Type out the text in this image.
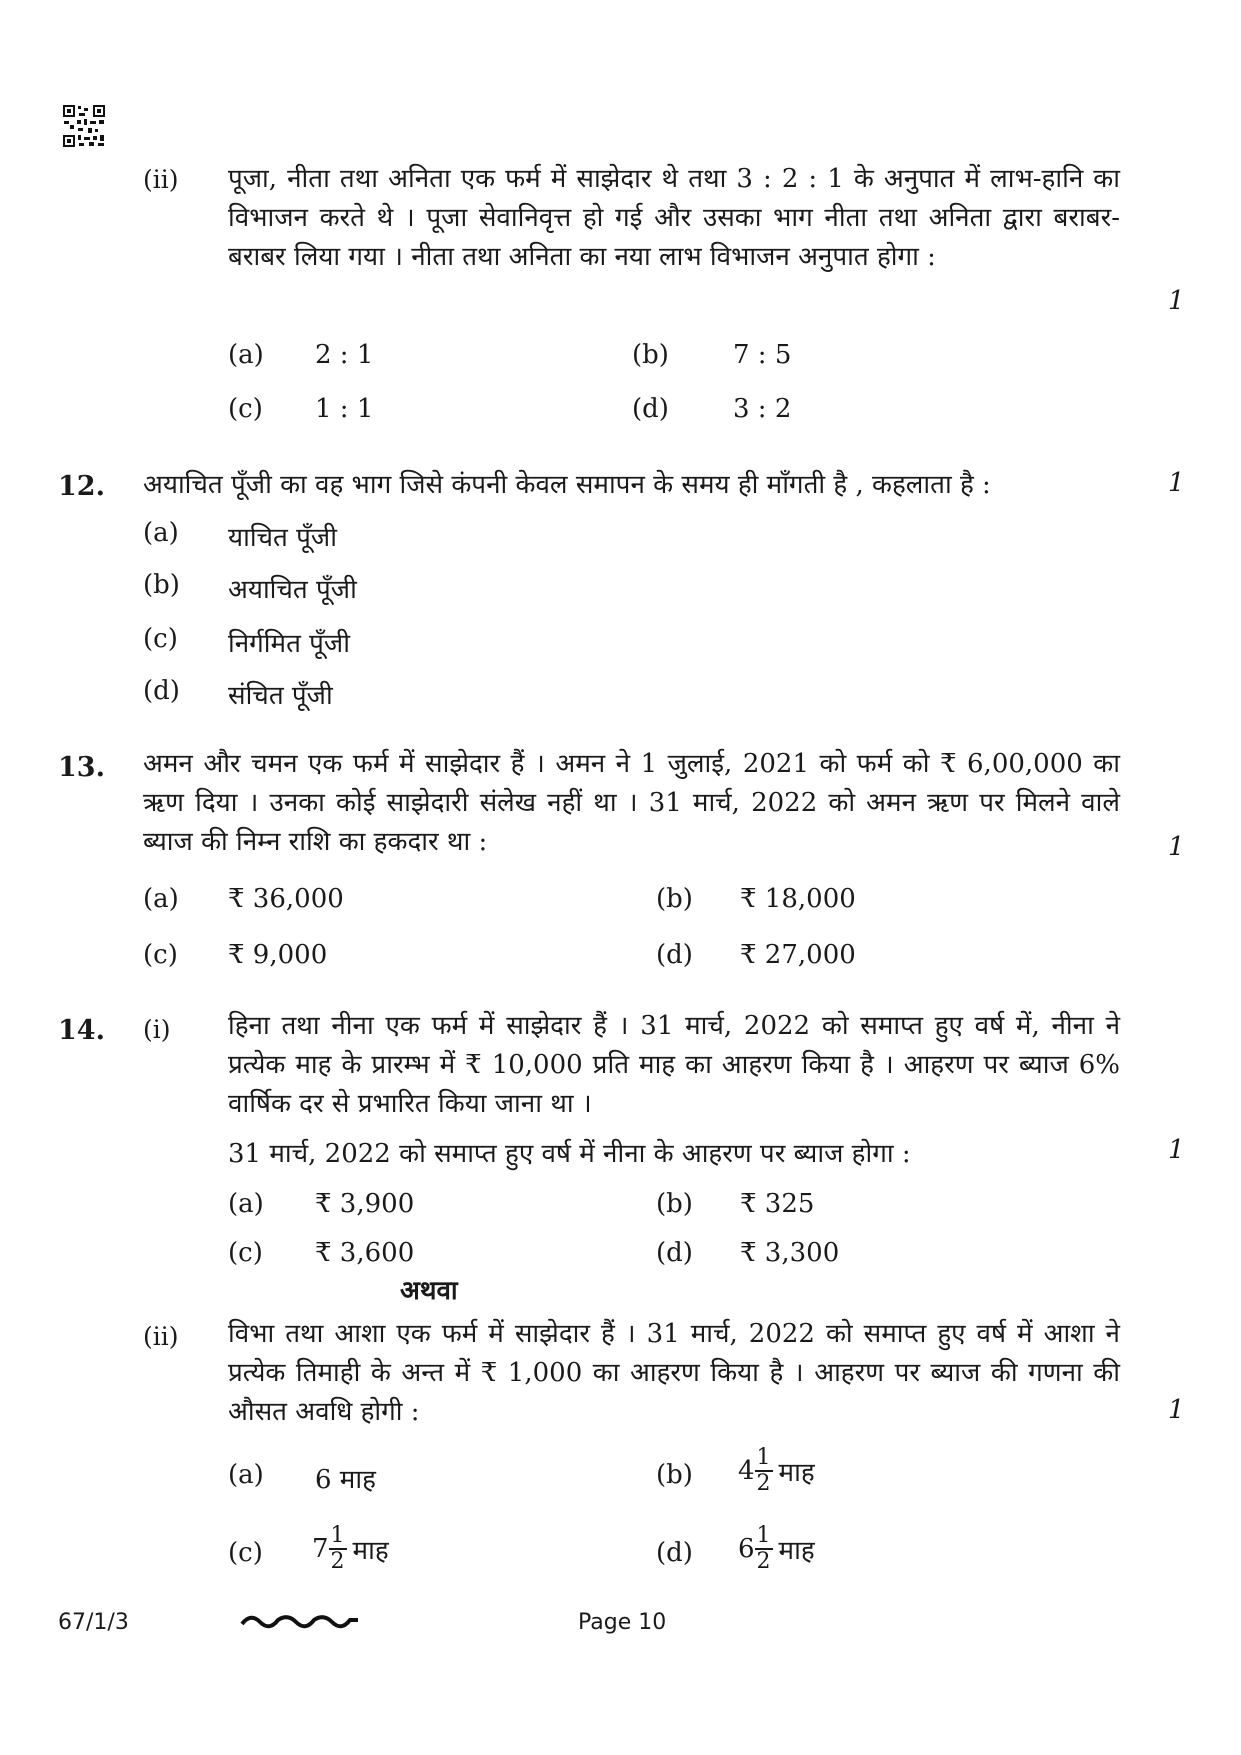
(ii) पूजा, नीता तथा अनिता एक फर्म में साझेदार थे तथा 3 : 2 : 1 के अनुपात में लाभ-हानि का विभाजन करते थे । पूजा सेवानिवृत्त हो गई और उसका भाग नीता तथा अनिता द्वारा बराबर-बराबर लिया गया । नीता तथा अनिता का नया लाभ विभाजन अनुपात होगा :
1
(a) 2 : 1	(b) 7 : 5
(c) 1 : 1	(d) 3 : 2
12. अयाचित पूँजी का वह भाग जिसे कंपनी केवल समापन के समय ही माँगती है , कहलाता है :	1
(a) याचित पूँजी
(b) अयाचित पूँजी
(c) निर्गमित पूँजी
(d) संचित पूँजी
13. अमन और चमन एक फर्म में साझेदार हैं । अमन ने 1 जुलाई, 2021 को फर्म को ₹ 6,00,000 का ऋण दिया । उनका कोई साझेदारी संलेख नहीं था । 31 मार्च, 2022 को अमन ऋण पर मिलने वाले ब्याज की निम्न राशि का हकदार था :	1
(a) ₹ 36,000	(b) ₹ 18,000
(c) ₹ 9,000	(d) ₹ 27,000
14. (i) हिना तथा नीना एक फर्म में साझेदार हैं । 31 मार्च, 2022 को समाप्त हुए वर्ष में, नीना ने प्रत्येक माह के प्रारम्भ में ₹ 10,000 प्रति माह का आहरण किया है । आहरण पर ब्याज 6% वार्षिक दर से प्रभारित किया जाना था ।
31 मार्च, 2022 को समाप्त हुए वर्ष में नीना के आहरण पर ब्याज होगा :	1
(a) ₹ 3,900	(b) ₹ 325
(c) ₹ 3,600	(d) ₹ 3,300
अथवा
(ii) विभा तथा आशा एक फर्म में साझेदार हैं । 31 मार्च, 2022 को समाप्त हुए वर्ष में आशा ने प्रत्येक तिमाही के अन्त में ₹ 1,000 का आहरण किया है । आहरण पर ब्याज की गणना की औसत अवधि होगी :	1
(a) 6 माह	(b) $4 \frac{1}{2}$ माह
(c) $7 \frac{1}{2}$ माह	(d) $6 \frac{1}{2}$ माह
67/1/3	Page 10
